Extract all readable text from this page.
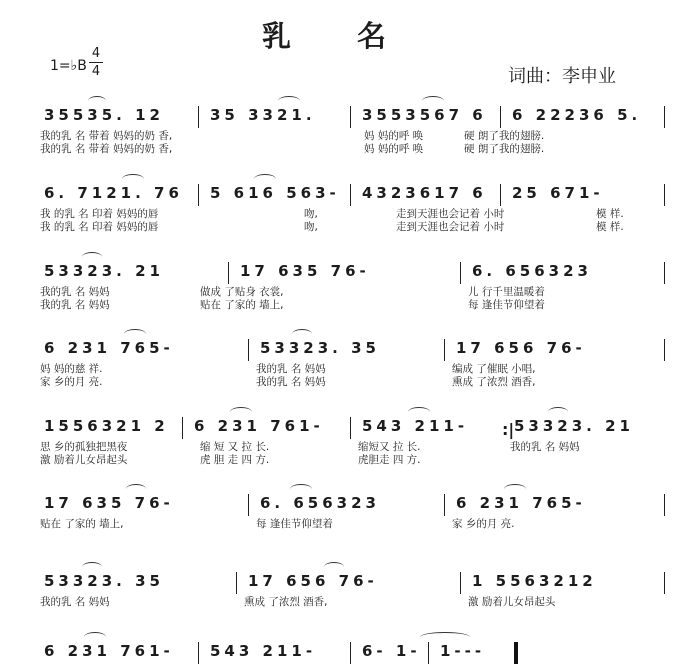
乳 名
1=♭B
4
4	词曲：李申业
35535. 12	35 3321.	3553567 6 6 22236 5.
我的乳 名 带着 妈妈的奶 香,	妈 妈的呼 唤	硬 朗了我的翅膀.
我的乳 名 带着 妈妈的奶 香,	妈 妈的呼 唤	硬 朗了我的翅膀.
6. 7121. 76 5 616 563- 4323617 6 25 671-
我 的乳 名 印着 妈妈的唇	吻,	走到天涯也会记着 小时	模 样.
我 的乳 名 印着 妈妈的唇	吻,	走到天涯也会记着 小时	模 样.
53323. 21	17 635 76-	6. 656323
我的乳 名 妈妈	做成 了贴身 衣裳,	儿 行千里温暖着
我的乳 名 妈妈	贴在 了家的 墙上,	每 逢佳节仰望着
6 231 765-	53323. 35	17 656 76-
妈 妈的慈 祥.	我的乳 名 妈妈	编成 了催眠 小唱,
家 乡的月 亮.	我的乳 名 妈妈	熏成 了浓烈 酒香,
1556321 2 6 231 761-	543 211-	53323. 21
:|
思 乡的孤独把黑夜	缩 短 又 拉 长.	缩短又 拉 长.	我的乳 名 妈妈
激 励着儿女昂起头	虎 胆 走 四 方.	虎胆走 四 方.
17 635 76-	6. 656323	6 231 765-
贴在 了家的 墙上,	每 逢佳节仰望着	家 乡的月 亮.
53323. 35	17 656 76-	1 5563212
我的乳 名 妈妈	熏成 了浓烈 酒香,	激 励着儿女昂起头
6 231 761- 543 211-	6- 1- 1---
